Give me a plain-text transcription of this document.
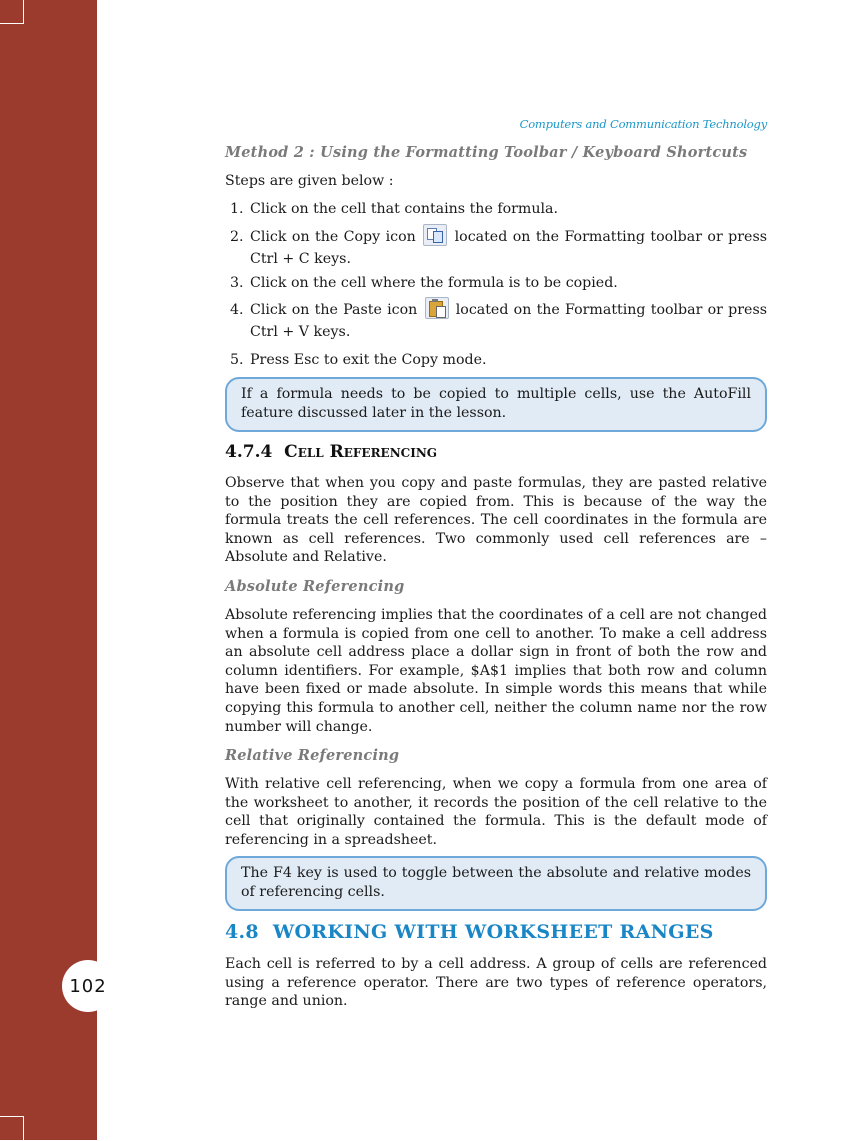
102
Computers and Communication Technology

Method 2 : Using the Formatting Toolbar / Keyboard Shortcuts

Steps are given below :

1. Click on the cell that contains the formula.
2. Click on the Copy icon	located on the Formatting toolbar or press Ctrl + C keys.
3. Click on the cell where the formula is to be copied.
4. Click on the Paste icon	located on the Formatting toolbar or press Ctrl + V keys.
5. Press Esc to exit the Copy mode.
If a formula needs to be copied to multiple cells, use the AutoFill feature discussed later in the lesson.

4.7.4 Cell Referencing

Observe that when you copy and paste formulas, they are pasted relative to the position they are copied from. This is because of the way the formula treats the cell references. The cell coordinates in the formula are known as cell references. Two commonly used cell references are – Absolute and Relative.

Absolute Referencing

Absolute referencing implies that the coordinates of a cell are not changed when a formula is copied from one cell to another. To make a cell address an absolute cell address place a dollar sign in front of both the row and column identifiers. For example, $A$1 implies that both row and column have been fixed or made absolute. In simple words this means that while copying this formula to another cell, neither the column name nor the row number will change.

Relative Referencing

With relative cell referencing, when we copy a formula from one area of the worksheet to another, it records the position of the cell relative to the cell that originally contained the formula. This is the default mode of referencing in a spreadsheet.

The F4 key is used to toggle between the absolute and relative modes of referencing cells.

4.8 WORKING WITH WORKSHEET RANGES

Each cell is referred to by a cell address. A group of cells are referenced using a reference operator. There are two types of reference operators, range and union.
